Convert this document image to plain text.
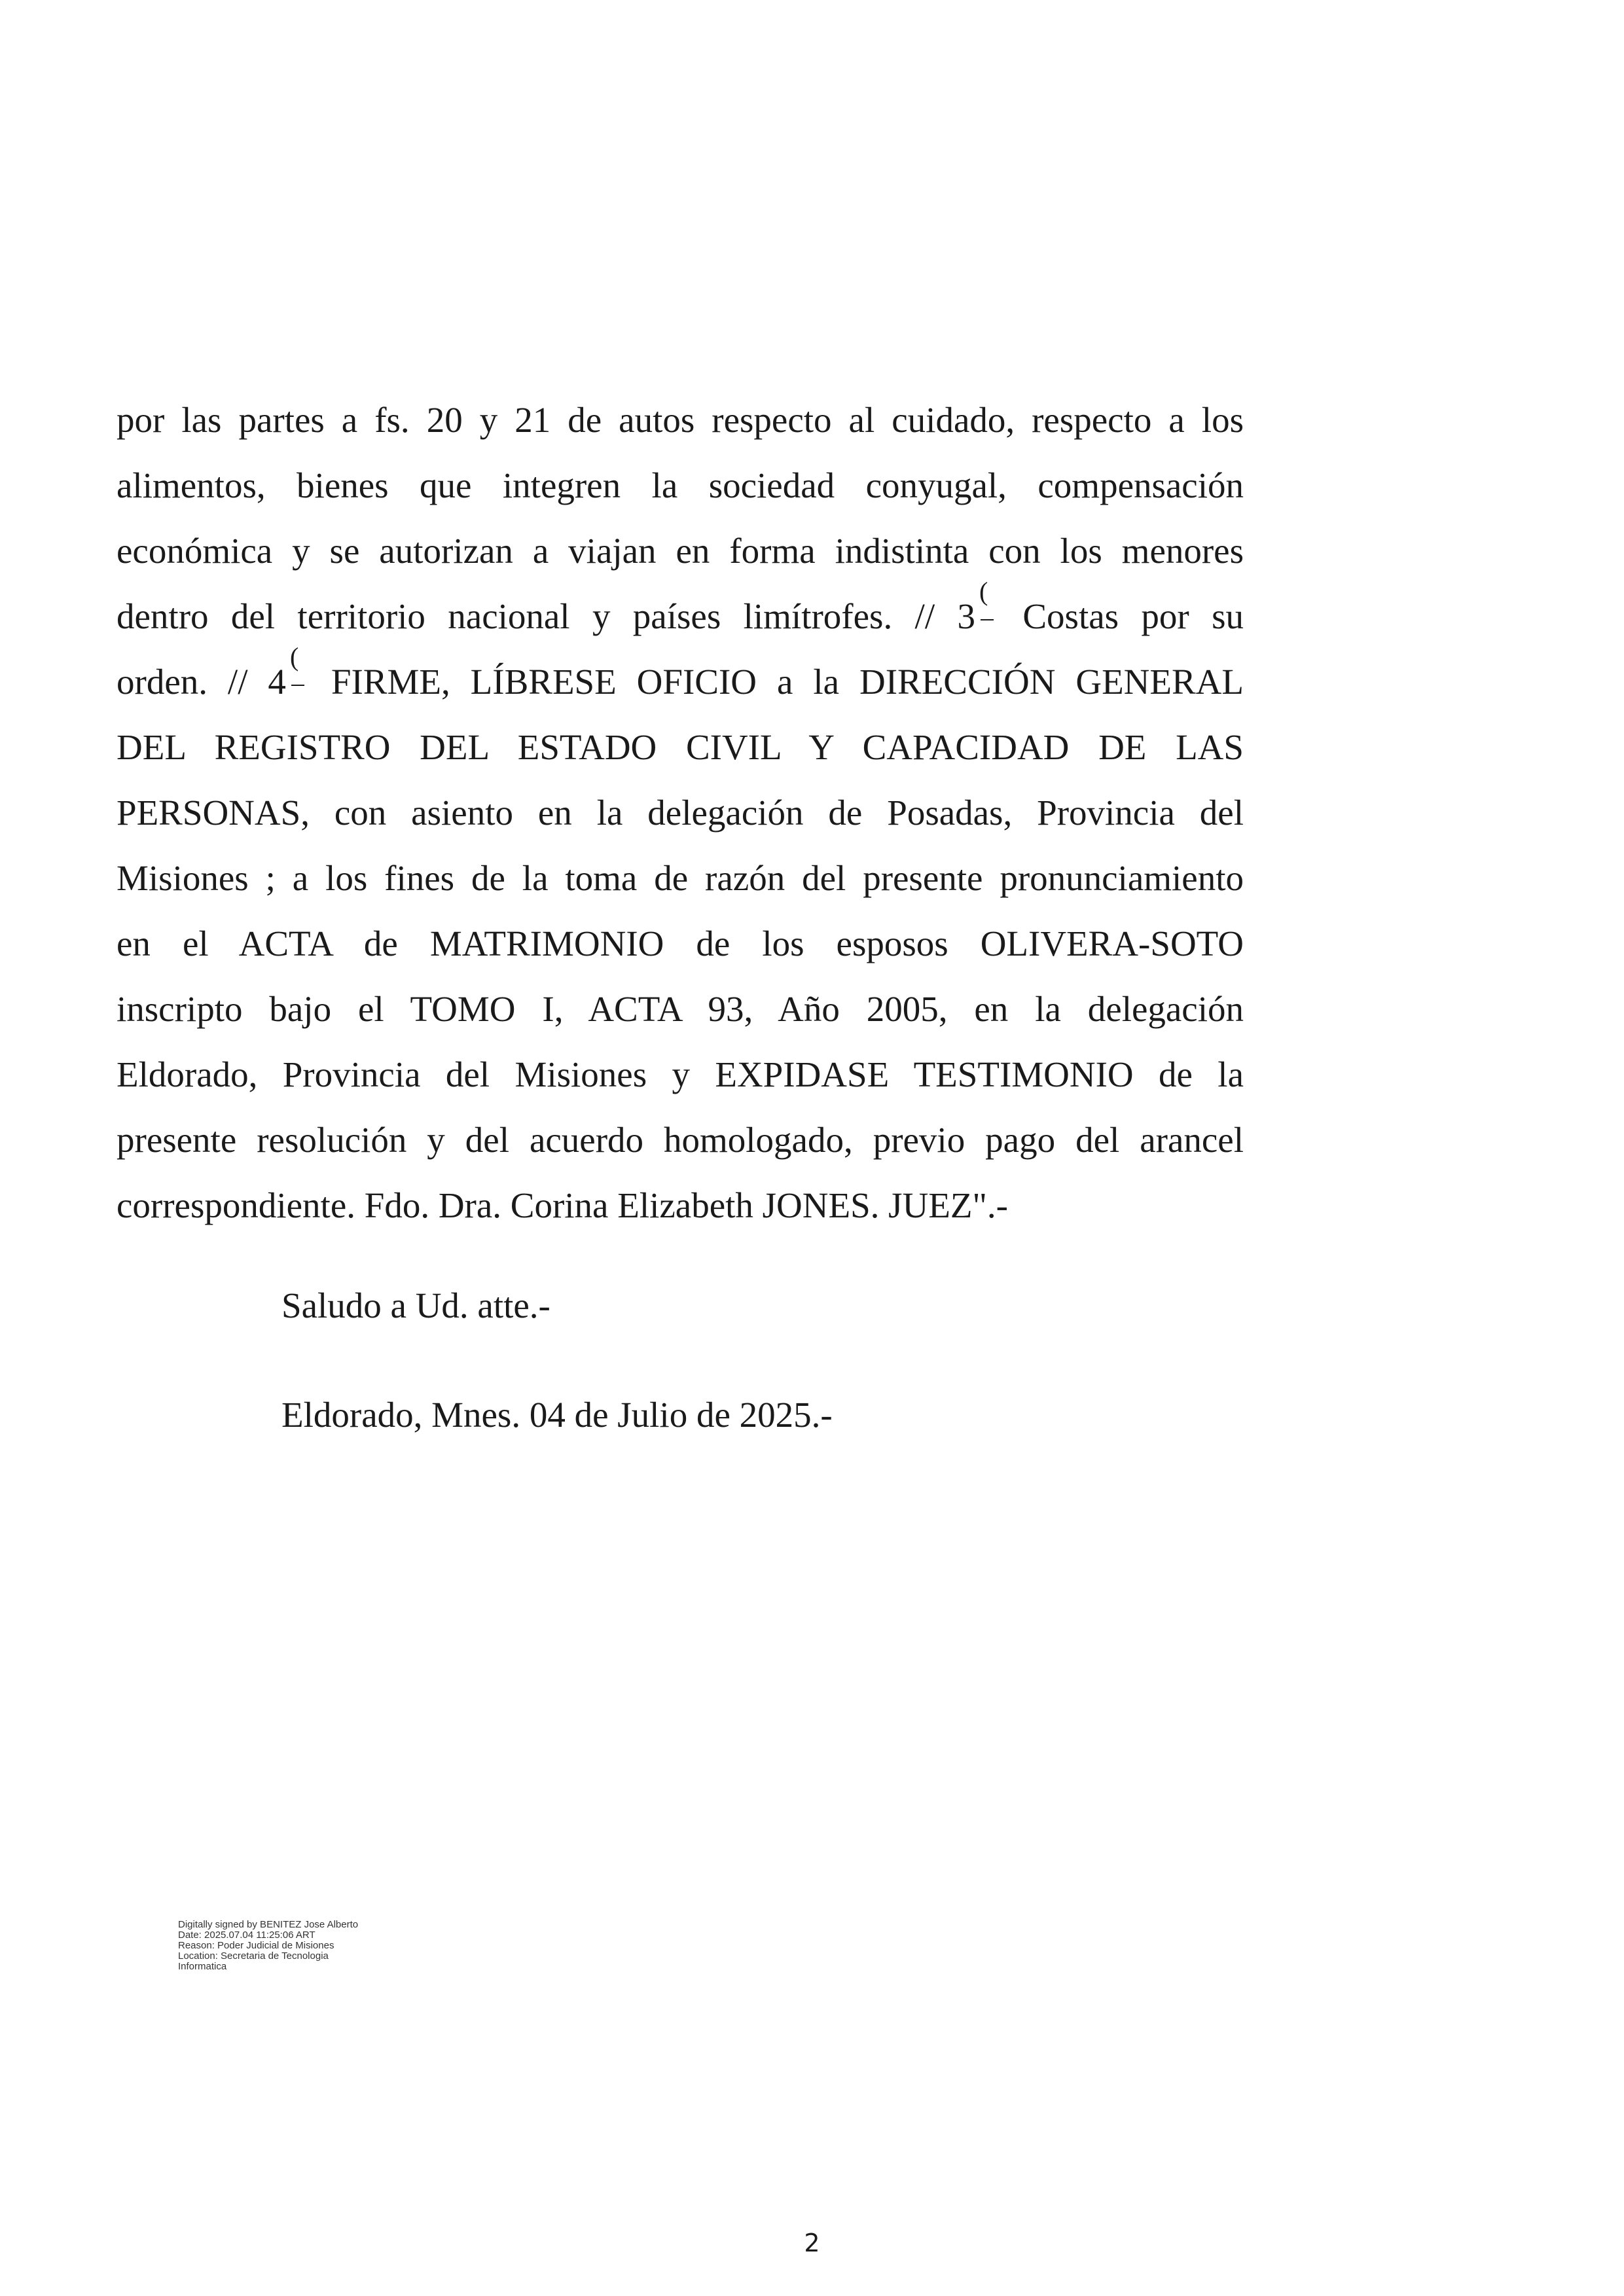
por las partes a fs. 20 y 21 de autos respecto al cuidado, respecto a los
alimentos, bienes que integren la sociedad conyugal, compensación
económica y se autorizan a viajan en forma indistinta con los menores
dentro del territorio nacional y países limítrofes. // 3
(
Costas por su
orden. // 4
(
FIRME, LÍBRESE OFICIO a la DIRECCIÓN GENERAL
DEL REGISTRO DEL ESTADO CIVIL Y CAPACIDAD DE LAS
PERSONAS, con asiento en la delegación de Posadas, Provincia del
Misiones ; a los fines de la toma de razón del presente pronunciamiento
en el ACTA de MATRIMONIO de los esposos OLIVERA-SOTO
inscripto bajo el TOMO I, ACTA 93, Año 2005, en la delegación
Eldorado, Provincia del Misiones y EXPIDASE TESTIMONIO de la
presente resolución y del acuerdo homologado, previo pago del arancel
correspondiente. Fdo. Dra. Corina Elizabeth JONES. JUEZ".-
Saludo a Ud. atte.-
Eldorado, Mnes. 04 de Julio de 2025.-
Digitally signed by BENITEZ Jose Alberto
Date: 2025.07.04 11:25:06 ART
Reason: Poder Judicial de Misiones
Location: Secretaria de Tecnologia
Informatica
2
